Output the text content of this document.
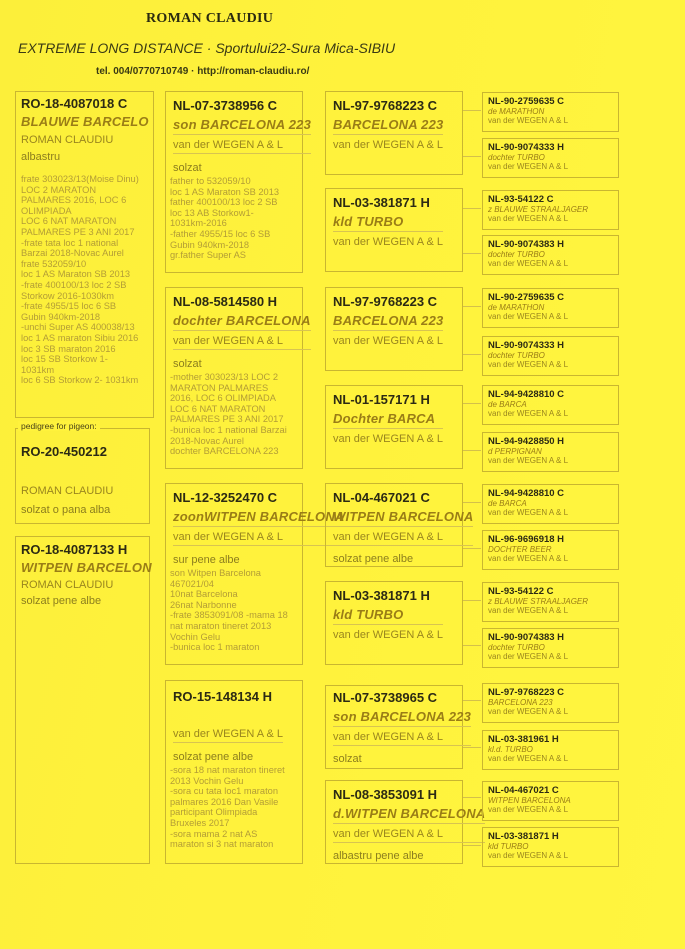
ROMAN CLAUDIU
EXTREME LONG DISTANCE · Sportului22-Sura Mica-SIBIU
tel. 004/0770710749 · http://roman-claudiu.ro/
RO-18-4087018 C
BLAUWE BARCELO
ROMAN CLAUDIU
albastru
frate 303023/13(Moise Dinu)
LOC 2 MARATON
PALMARES 2016, LOC 6
OLIMPIADA
LOC 6 NAT MARATON
PALMARES PE 3 ANI 2017
-frate tata loc 1 national
Barzai 2018-Novac Aurel
frate 532059/10
loc 1 AS Maraton SB 2013
-frate 400100/13 loc 2 SB
Storkow 2016-1030km
-frate 4955/15 loc 6 SB
Gubin 940km-2018
-unchi Super AS 400038/13
loc 1 AS maraton Sibiu 2016
loc 3 SB maraton 2016
loc 15 SB Storkow 1-
1031km
loc 6 SB Storkow 2- 1031km
RO-20-450212
ROMAN CLAUDIU
solzat o pana alba
pedigree for pigeon:
RO-18-4087133 H
WITPEN BARCELON
ROMAN CLAUDIU
solzat pene albe
NL-07-3738956 C
son BARCELONA 223
van der WEGEN A & L
solzat
father to 532059/10
loc 1 AS Maraton SB 2013
father 400100/13 loc 2 SB
loc 13 AB Storkow1-
1031km-2016
-father 4955/15 loc 6 SB
Gubin 940km-2018
gr.father Super AS
NL-08-5814580 H
dochter BARCELONA
van der WEGEN A & L
solzat
-mother 303023/13 LOC 2
MARATON PALMARES
2016, LOC 6 OLIMPIADA
LOC 6 NAT MARATON
PALMARES PE 3 ANI 2017
-bunica loc 1 national Barzai
2018-Novac Aurel
dochter BARCELONA 223
NL-12-3252470 C
zoonWITPEN BARCELONA
van der WEGEN A & L
sur pene albe
son Witpen Barcelona
467021/04
10nat Barcelona
26nat Narbonne
-frate 3853091/08 -mama 18
nat maraton tineret 2013
Vochin Gelu
-bunica loc 1 maraton
RO-15-148134 H
van der WEGEN A & L
solzat pene albe
-sora 18 nat maraton tineret
2013 Vochin Gelu
-sora cu tata loc1 maraton
palmares 2016 Dan Vasile
participant Olimpiada
Bruxeles 2017
-sora mama 2 nat AS
maraton si 3 nat maraton
NL-97-9768223 C
BARCELONA 223
van der WEGEN A & L
NL-03-381871 H
kld TURBO
van der WEGEN A & L
NL-97-9768223 C
BARCELONA 223
van der WEGEN A & L
NL-01-157171 H
Dochter BARCA
van der WEGEN A & L
NL-04-467021 C
WITPEN BARCELONA
van der WEGEN A & L
solzat pene albe
NL-03-381871 H
kld TURBO
van der WEGEN A & L
NL-07-3738965 C
son BARCELONA 223
van der WEGEN A & L
solzat
NL-08-3853091 H
d.WITPEN BARCELONA
van der WEGEN A & L
albastru pene albe
NL-90-2759635 C
de MARATHON
van der WEGEN A & L
NL-90-9074333 H
dochter TURBO
van der WEGEN A & L
NL-93-54122 C
z BLAUWE STRAALJAGER
van der WEGEN A & L
NL-90-9074383 H
dochter TURBO
van der WEGEN A & L
NL-90-2759635 C
de MARATHON
van der WEGEN A & L
NL-90-9074333 H
dochter TURBO
van der WEGEN A & L
NL-94-9428810 C
de BARCA
van der WEGEN A & L
NL-94-9428850 H
d PERPIGNAN
van der WEGEN A & L
NL-94-9428810 C
de BARCA
van der WEGEN A & L
NL-96-9696918 H
DOCHTER BEER
van der WEGEN A & L
NL-93-54122 C
z BLAUWE STRAALJAGER
van der WEGEN A & L
NL-90-9074383 H
dochter TURBO
van der WEGEN A & L
NL-97-9768223 C
BARCELONA 223
van der WEGEN A & L
NL-03-381961 H
kl.d. TURBO
van der WEGEN A & L
NL-04-467021 C
WITPEN BARCELONA
van der WEGEN A & L
NL-03-381871 H
kld TURBO
van der WEGEN A & L
